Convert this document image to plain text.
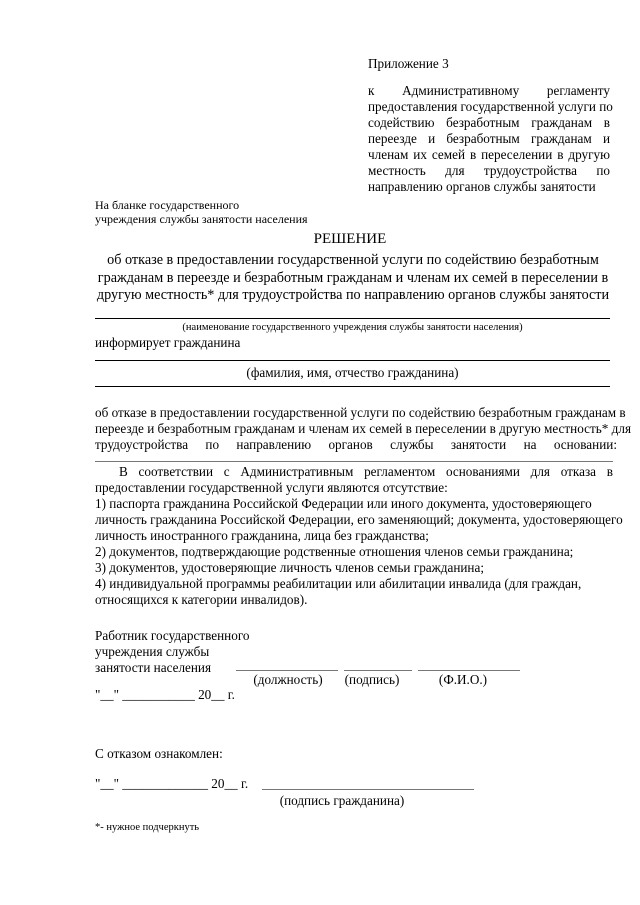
Приложение 3
к Административному регламенту
предоставления государственной услуги по
содействию безработным гражданам в
переезде и безработным гражданам и
членам их семей в переселении в другую
местность для трудоустройства по
направлению органов службы занятости
На бланке государственного
учреждения службы занятости населения
РЕШЕНИЕ
об отказе в предоставлении государственной услуги по содействию безработным
гражданам в переезде и безработным гражданам и членам их семей в переселении в
другую местность* для трудоустройства по направлению органов службы занятости
(наименование государственного учреждения службы занятости населения)
информирует гражданина
(фамилия, имя, отчество гражданина)
об отказе в предоставлении государственной услуги по содействию безработным гражданам в
переезде и безработным гражданам и членам их семей в переселении в другую местность* для
трудоустройства по направлению органов службы занятости на основании:
В соответствии с Административным регламентом основаниями для отказа в
предоставлении государственной услуги являются отсутствие:
1) паспорта гражданина Российской Федерации или иного документа, удостоверяющего
личность гражданина Российской Федерации, его заменяющий; документа, удостоверяющего
личность иностранного гражданина, лица без гражданства;
2) документов, подтверждающие родственные отношения членов семьи гражданина;
3) документов, удостоверяющие личность членов семьи гражданина;
4) индивидуальной программы реабилитации или абилитации инвалида (для граждан,
относящихся к категории инвалидов).
Работник государственного
учреждения службы
занятости населения
(должность)	(подпись)	(Ф.И.О.)
"__" ___________ 20__ г.
С отказом ознакомлен:
"__" _____________ 20__ г.
(подпись гражданина)
*- нужное подчеркнуть
